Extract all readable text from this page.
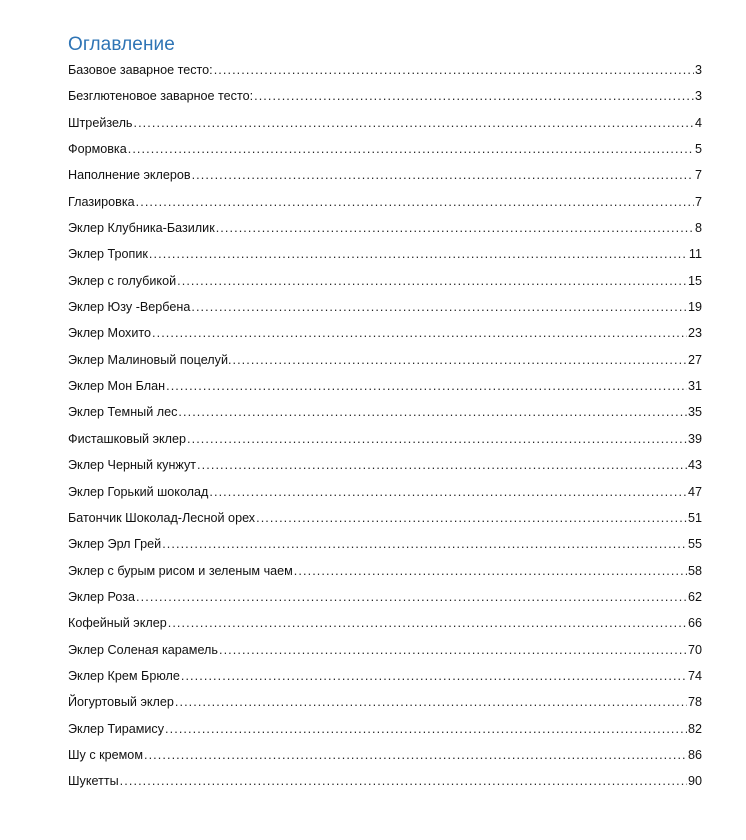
Оглавление
Базовое заварное тесто: .....	3
Безглютеновое заварное тесто: .....	3
Штрейзель .....	4
Формовка .....	5
Наполнение эклеров .....	7
Глазировка .....	7
Эклер Клубника-Базилик .....	8
Эклер Тропик .....	11
Эклер с голубикой .....	15
Эклер Юзу -Вербена .....	19
Эклер Мохито .....	23
Эклер Малиновый поцелуй. .....	27
Эклер Мон Блан .....	31
Эклер Темный лес .....	35
Фисташковый эклер .....	39
Эклер Черный кунжут .....	43
Эклер Горький шоколад .....	47
Батончик Шоколад-Лесной орех .....	51
Эклер Эрл Грей .....	55
Эклер с бурым рисом и зеленым чаем .....	58
Эклер Роза .....	62
Кофейный эклер .....	66
Эклер Соленая карамель .....	70
Эклер Крем Брюле .....	74
Йогуртовый эклер .....	78
Эклер Тирамису .....	82
Шу с кремом .....	86
Шукетты .....	90
